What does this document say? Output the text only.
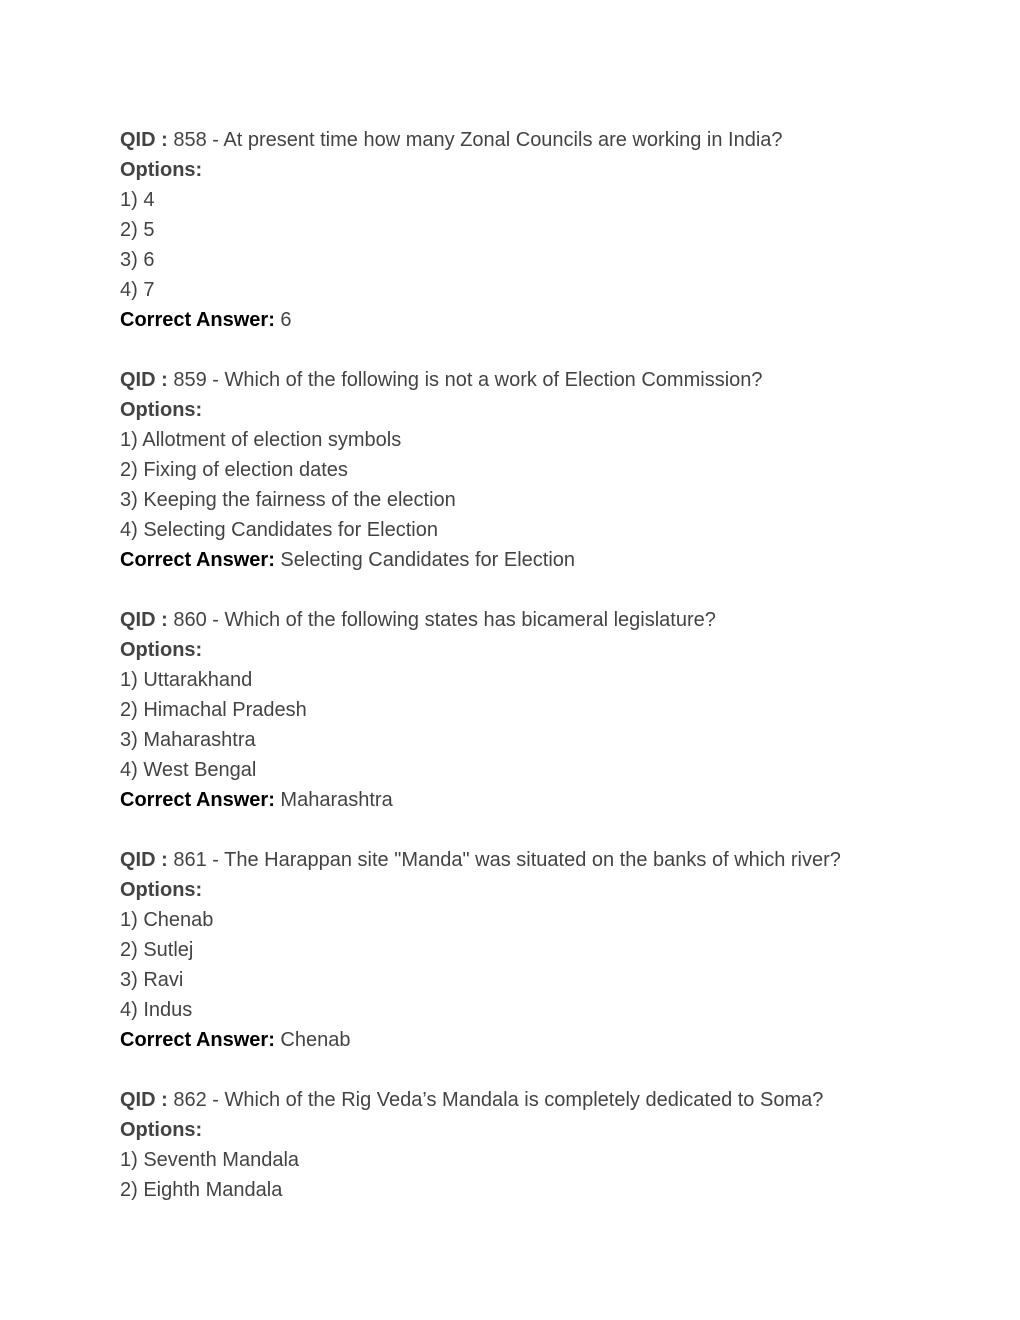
QID : 858 - At present time how many Zonal Councils are working in India?
Options:
1) 4
2) 5
3) 6
4) 7
Correct Answer: 6
QID : 859 - Which of the following is not a work of Election Commission?
Options:
1) Allotment of election symbols
2) Fixing of election dates
3) Keeping the fairness of the election
4) Selecting Candidates for Election
Correct Answer: Selecting Candidates for Election
QID : 860 - Which of the following states has bicameral legislature?
Options:
1) Uttarakhand
2) Himachal Pradesh
3) Maharashtra
4) West Bengal
Correct Answer: Maharashtra
QID : 861 - The Harappan site "Manda" was situated on the banks of which river?
Options:
1) Chenab
2) Sutlej
3) Ravi
4) Indus
Correct Answer: Chenab
QID : 862 - Which of the Rig Veda’s Mandala is completely dedicated to Soma?
Options:
1) Seventh Mandala
2) Eighth Mandala
